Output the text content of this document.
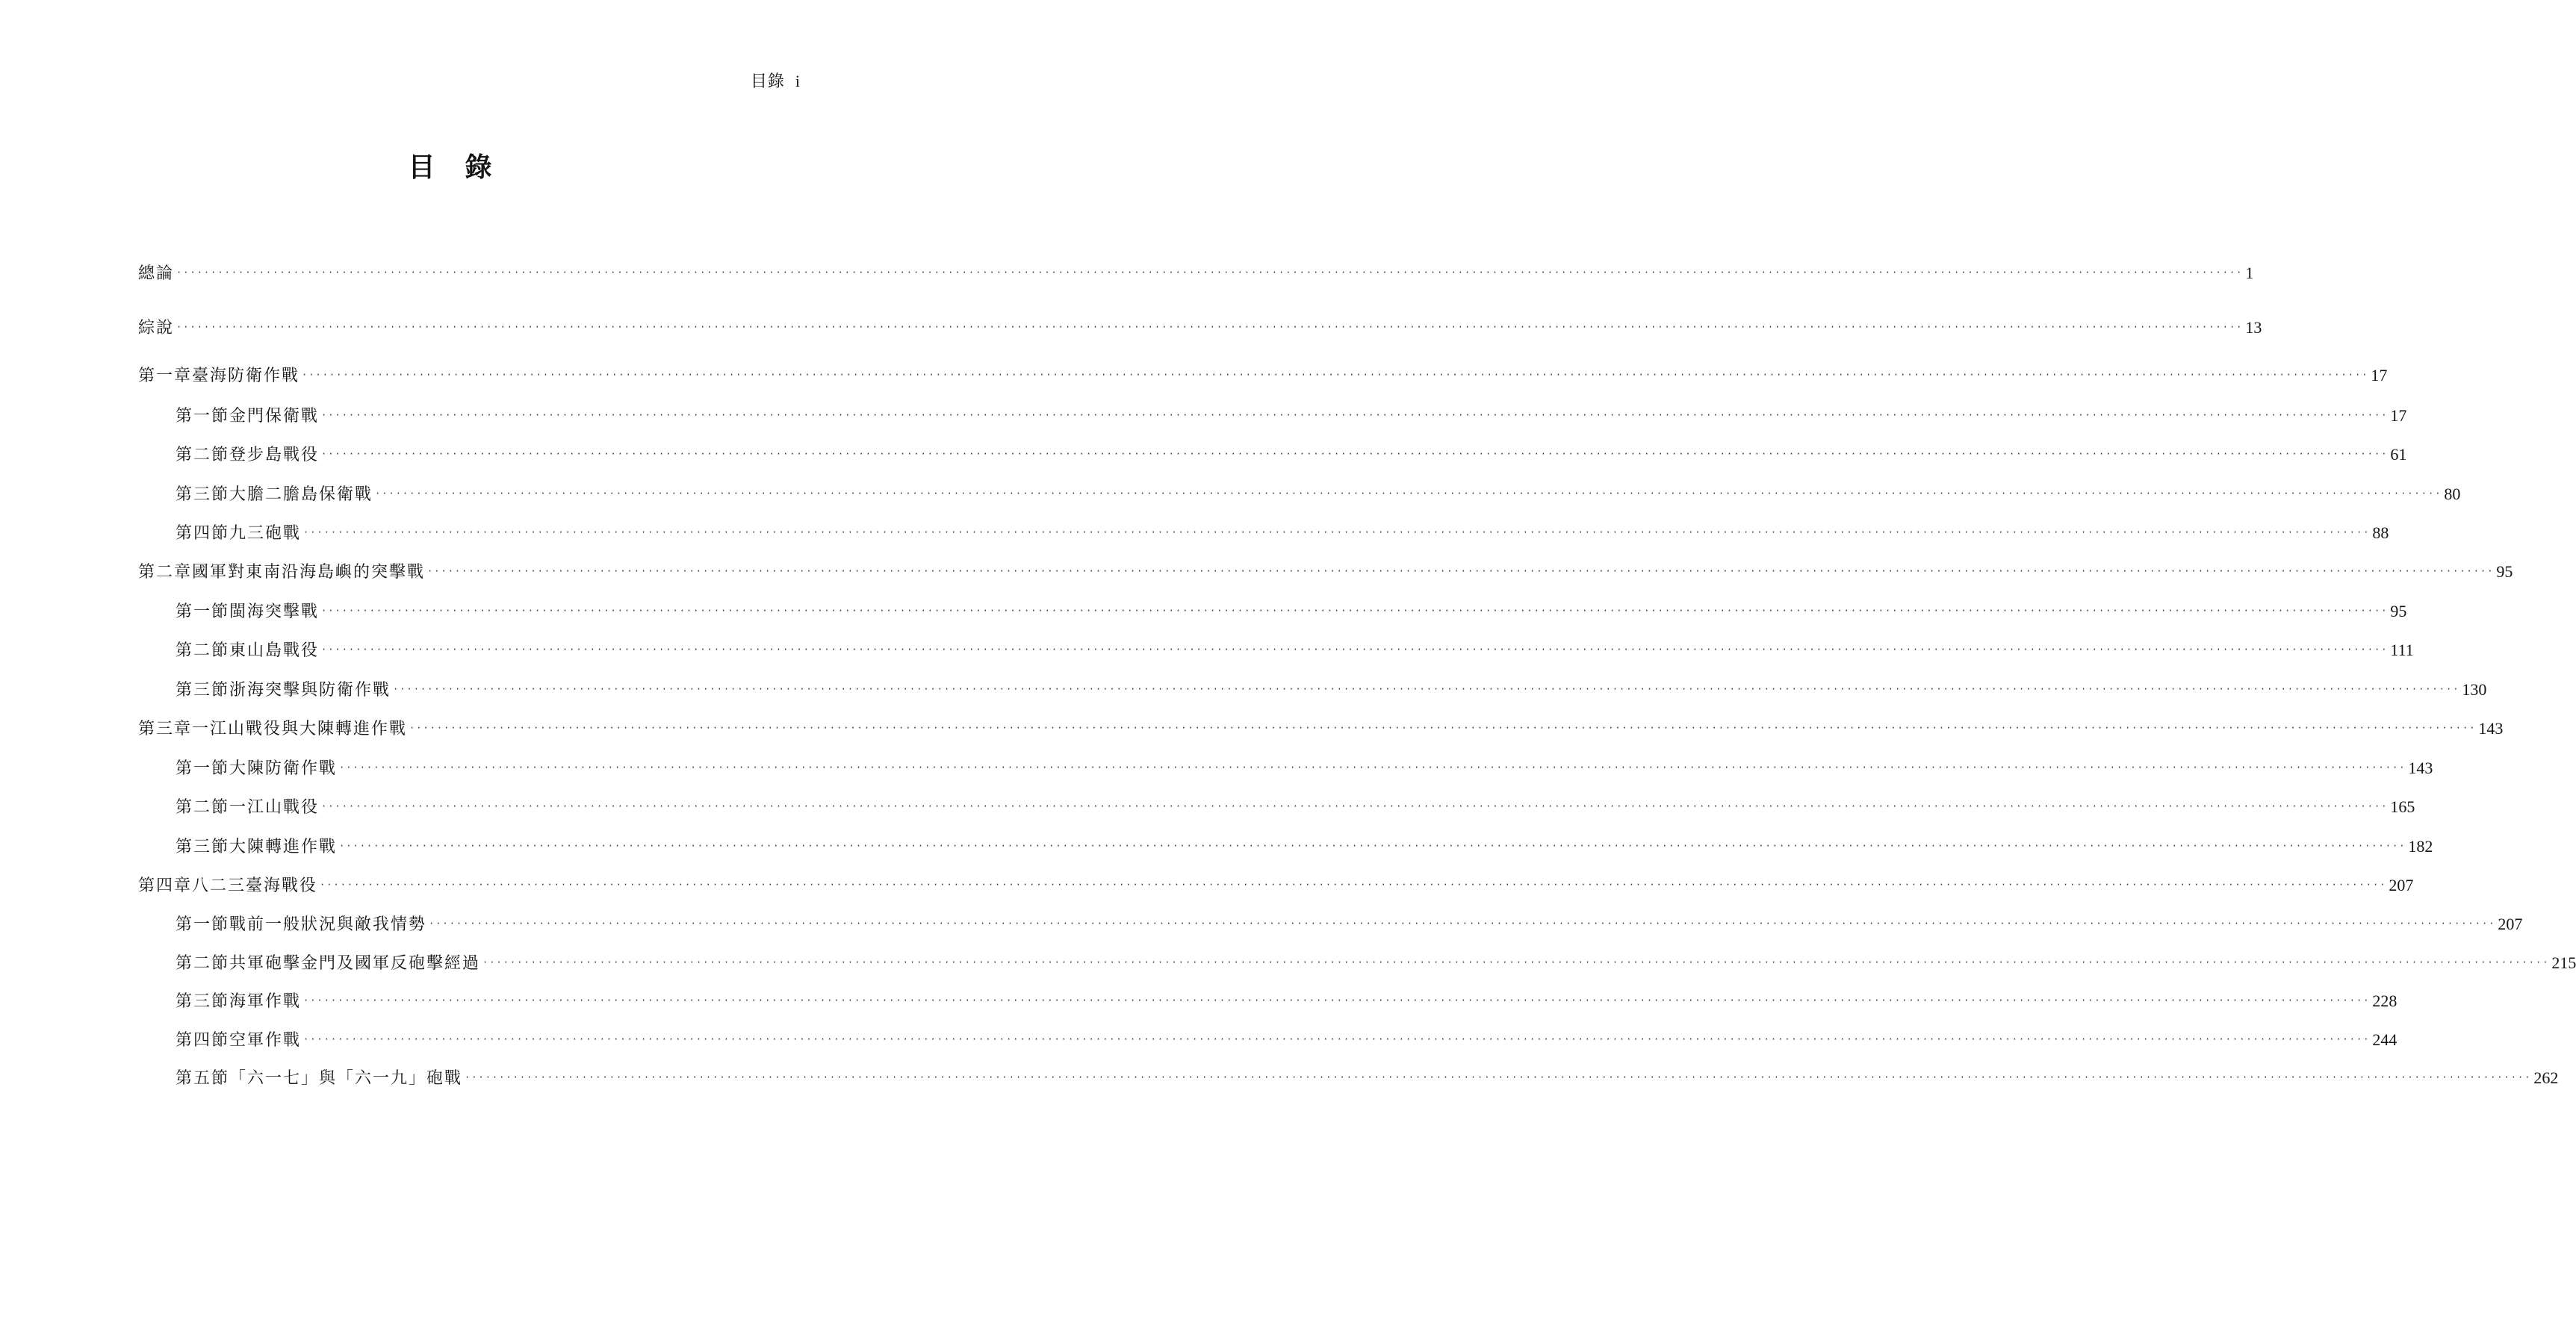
目錄 i
目 錄
總論 ············································································································································································································································································································ 1
綜說 ············································································································································································································································································································ 13
第一章 臺海防衛作戰 ············································································································································································································································································································ 17
第一節 金門保衛戰 ············································································································································································································································································································ 17
第二節 登步島戰役 ············································································································································································································································································································ 61
第三節 大膽二膽島保衛戰 ············································································································································································································································································································ 80
第四節 九三砲戰 ············································································································································································································································································································ 88
第二章 國軍對東南沿海島嶼的突擊戰 ············································································································································································································································································································ 95
第一節 閩海突擊戰 ············································································································································································································································································································ 95
第二節 東山島戰役 ············································································································································································································································································································ 111
第三節 浙海突擊與防衛作戰 ············································································································································································································································································································ 130
第三章 一江山戰役與大陳轉進作戰 ············································································································································································································································································································ 143
第一節 大陳防衛作戰 ············································································································································································································································································································ 143
第二節 一江山戰役 ············································································································································································································································································································ 165
第三節 大陳轉進作戰 ············································································································································································································································································································ 182
第四章 八二三臺海戰役 ············································································································································································································································································································ 207
第一節 戰前一般狀況與敵我情勢 ············································································································································································································································································································ 207
第二節 共軍砲擊金門及國軍反砲擊經過 ············································································································································································································································································································ 215
第三節 海軍作戰 ············································································································································································································································································································ 228
第四節 空軍作戰 ············································································································································································································································································································ 244
第五節 「六一七」與「六一九」砲戰 ············································································································································································································································································································ 262
